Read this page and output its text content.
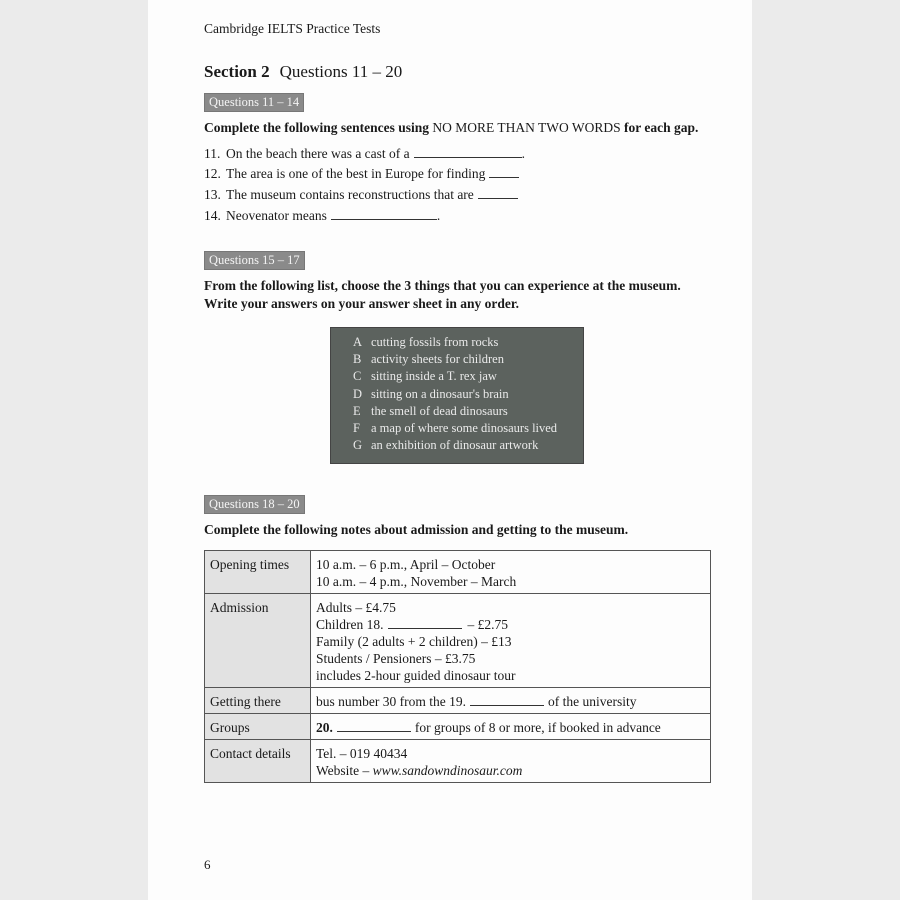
Cambridge IELTS Practice Tests
Section 2 Questions 11 – 20
Questions 11 – 14
Complete the following sentences using NO MORE THAN TWO WORDS for each gap.
11. On the beach there was a cast of a	.
12. The area is one of the best in Europe for finding
13. The museum contains reconstructions that are
14. Neovenator means	.
Questions 15 – 17
From the following list, choose the 3 things that you can experience at the museum.
Write your answers on your answer sheet in any order.
A cutting fossils from rocks
B activity sheets for children
C sitting inside a T. rex jaw
D sitting on a dinosaur's brain
E the smell of dead dinosaurs
F a map of where some dinosaurs lived
G an exhibition of dinosaur artwork
Questions 18 – 20
Complete the following notes about admission and getting to the museum.
Opening times	10 a.m. – 6 p.m., April – October
10 a.m. – 4 p.m., November – March

Admission	Adults – £4.75
Children 18. – £2.75
Family (2 adults + 2 children) – £13
Students / Pensioners – £3.75
includes 2-hour guided dinosaur tour

Getting there	bus number 30 from the 19. of the university
Groups	20. for groups of 8 or more, if booked in advance
Contact details	Tel. – 019 40434
Website – www.sandowndinosaur.com
6
